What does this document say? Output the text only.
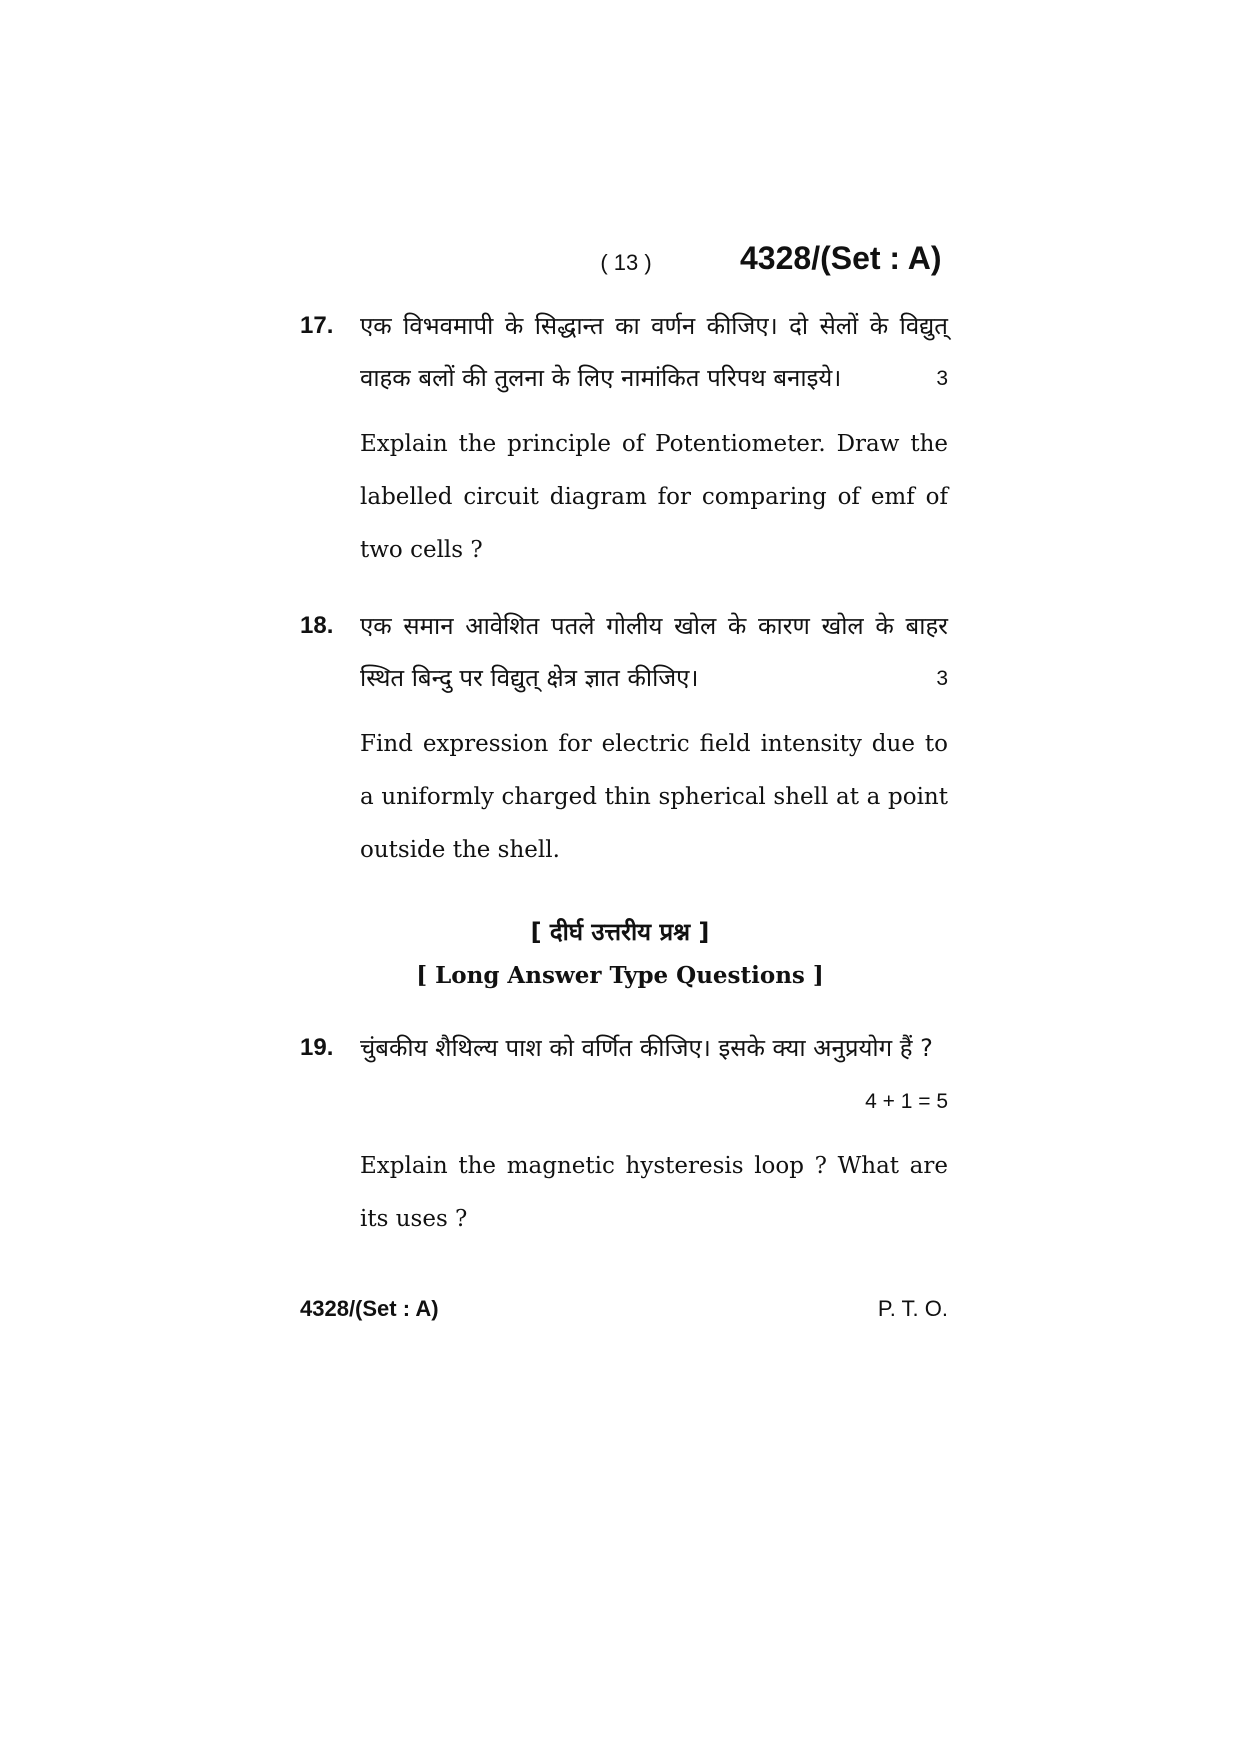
( 13 )	4328/(Set : A)
17.	एक विभवमापी के सिद्धान्त का वर्णन कीजिए। दो सेलों के विद्युत् वाहक बलों की तुलना के लिए नामांकित परिपथ बनाइये।	3
Explain the principle of Potentiometer. Draw the labelled circuit diagram for comparing of emf of two cells ?
18.	एक समान आवेशित पतले गोलीय खोल के कारण खोल के बाहर स्थित बिन्दु पर विद्युत् क्षेत्र ज्ञात कीजिए।	3
Find expression for electric field intensity due to a uniformly charged thin spherical shell at a point outside the shell.
[ दीर्घ उत्तरीय प्रश्न ]
[ Long Answer Type Questions ]
19.	चुंबकीय शैथिल्य पाश को वर्णित कीजिए। इसके क्या अनुप्रयोग हैं ?
4 + 1 = 5
Explain the magnetic hysteresis loop ? What are its uses ?
4328/(Set : A)	P. T. O.
